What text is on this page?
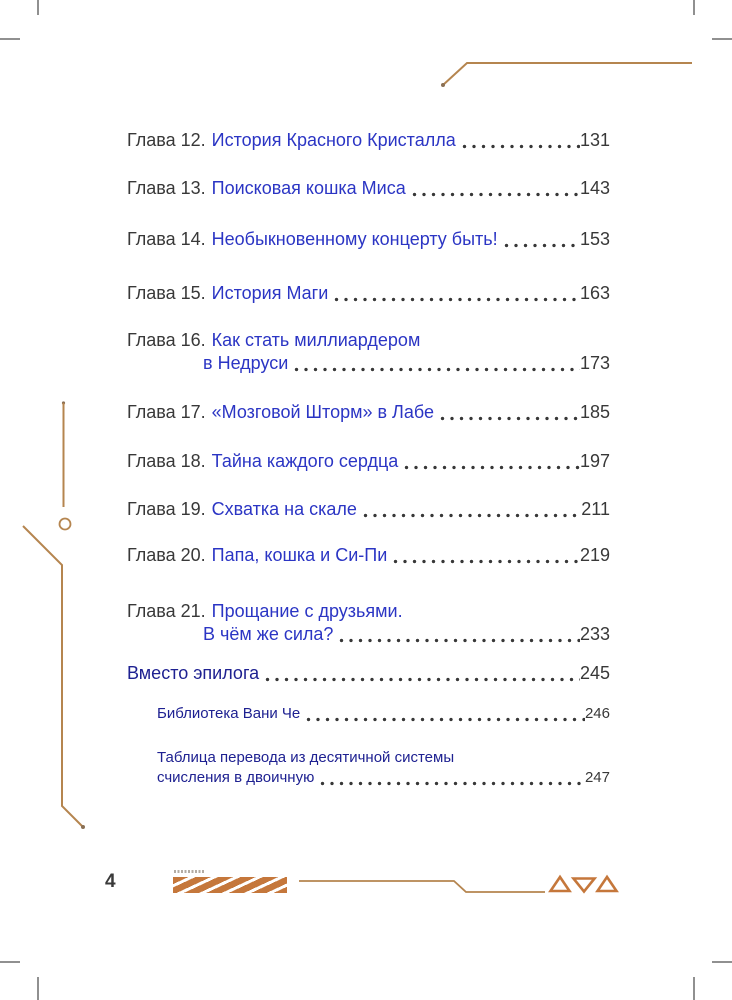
Глава 12. История Красного Кристалла	131
Глава 13. Поисковая кошка Миса	143
Глава 14. Необыкновенному концерту быть!	153
Глава 15. История Маги	163
Глава 16. Как стать миллиардером
в Недруси	173
Глава 17. «Мозговой Шторм» в Лабе	185
Глава 18. Тайна каждого сердца	197
Глава 19. Схватка на скале	211
Глава 20. Папа, кошка и Си-Пи	219
Глава 21. Прощание с друзьями.
В чём же сила?	233
Вместо эпилога	245
Библиотека Вани Че	246
Таблица перевода из десятичной системы
счисления в двоичную	247
4
